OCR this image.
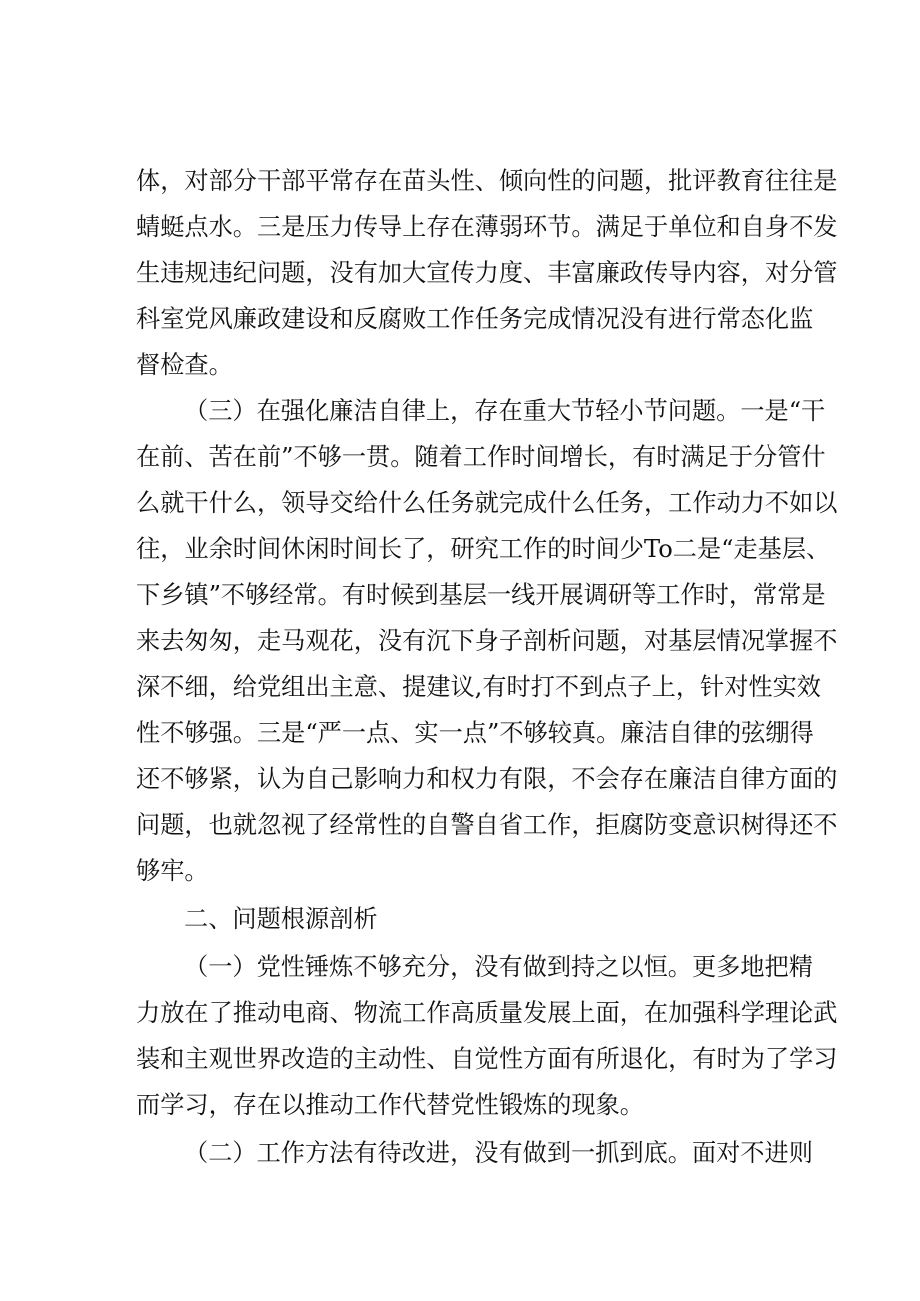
体，对部分干部平常存在苗头性、倾向性的问题，批评教育往往是

蜻蜓点水。三是压力传导上存在薄弱环节。满足于单位和自身不发

生违规违纪问题，没有加大宣传力度、丰富廉政传导内容，对分管

科室党风廉政建设和反腐败工作任务完成情况没有进行常态化监

督检查。

（三）在强化廉洁自律上，存在重大节轻小节问题。一是“干

在前、苦在前”不够一贯。随着工作时间增长，有时满足于分管什

么就干什么，领导交给什么任务就完成什么任务，工作动力不如以

往，业余时间休闲时间长了，研究工作的时间少To二是“走基层、

下乡镇”不够经常。有时候到基层一线开展调研等工作时，常常是

来去匆匆，走马观花，没有沉下身子剖析问题，对基层情况掌握不

深不细，给党组出主意、提建议,有时打不到点子上，针对性实效

性不够强。三是“严一点、实一点”不够较真。廉洁自律的弦绷得

还不够紧，认为自己影响力和权力有限，不会存在廉洁自律方面的

问题，也就忽视了经常性的自警自省工作，拒腐防变意识树得还不

够牢。

二、问题根源剖析

（一）党性锤炼不够充分，没有做到持之以恒。更多地把精

力放在了推动电商、物流工作高质量发展上面，在加强科学理论武

装和主观世界改造的主动性、自觉性方面有所退化，有时为了学习

而学习，存在以推动工作代替党性锻炼的现象。

（二）工作方法有待改进，没有做到一抓到底。面对不进则
